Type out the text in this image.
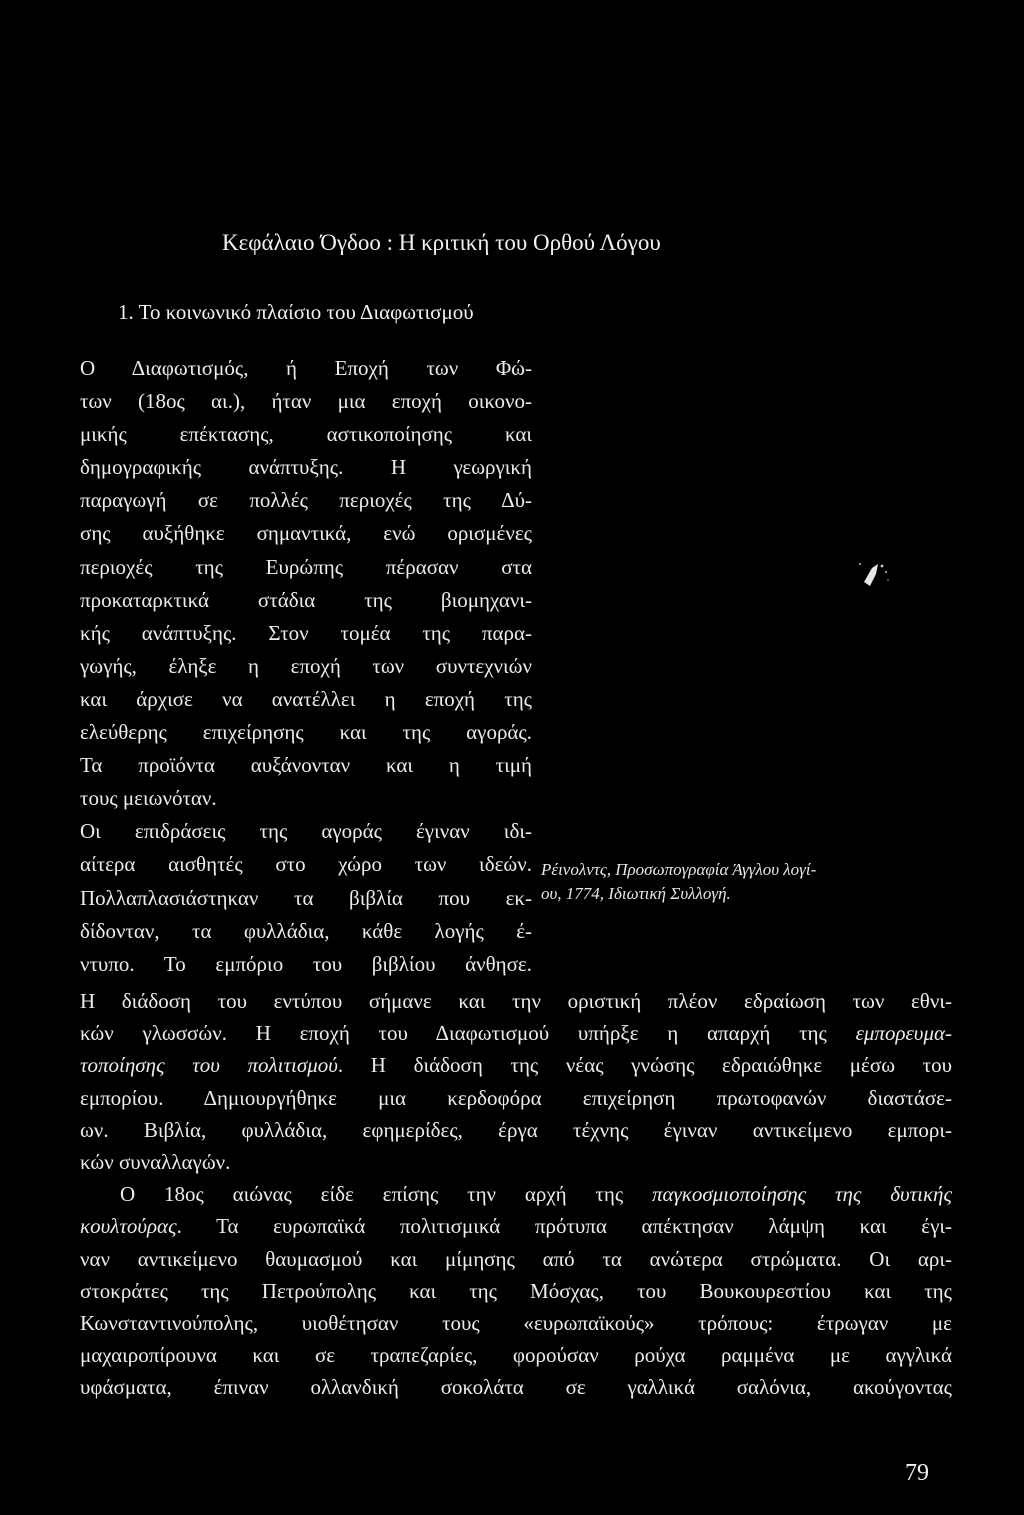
Κεφάλαιο Όγδοο : Η κριτική του Ορθού Λόγου
1. Το κοινωνικό πλαίσιο του Διαφωτισμού
Ο Διαφωτισμός, ή Εποχή των Φώ-
των (18ος αι.), ήταν μια εποχή οικονο-
μικής επέκτασης, αστικοποίησης και
δημογραφικής ανάπτυξης. Η γεωργική
παραγωγή σε πολλές περιοχές της Δύ-
σης αυξήθηκε σημαντικά, ενώ ορισμένες
περιοχές της Ευρώπης πέρασαν στα
προκαταρκτικά στάδια της βιομηχανι-
κής ανάπτυξης. Στον τομέα της παρα-
γωγής, έληξε η εποχή των συντεχνιών
και άρχισε να ανατέλλει η εποχή της
ελεύθερης επιχείρησης και της αγοράς.
Τα προϊόντα αυξάνονταν και η τιμή
τους μειωνόταν.
Οι επιδράσεις της αγοράς έγιναν ιδι-
αίτερα αισθητές στο χώρο των ιδεών.
Πολλαπλασιάστηκαν τα βιβλία που εκ-
δίδονταν, τα φυλλάδια, κάθε λογής έ-
ντυπο. Το εμπόριο του βιβλίου άνθησε.
Ρέινολντς, Προσωπογραφία Άγγλου λογί-
ου, 1774, Ιδιωτική Συλλογή.
Η διάδοση του εντύπου σήμανε και την οριστική πλέον εδραίωση των εθνι-
κών γλωσσών. Η εποχή του Διαφωτισμού υπήρξε η απαρχή της εμπορευμα-
τοποίησης του πολιτισμού. Η διάδοση της νέας γνώσης εδραιώθηκε μέσω του
εμπορίου. Δημιουργήθηκε μια κερδοφόρα επιχείρηση πρωτοφανών διαστάσε-
ων. Βιβλία, φυλλάδια, εφημερίδες, έργα τέχνης έγιναν αντικείμενο εμπορι-
κών συναλλαγών.
Ο 18ος αιώνας είδε επίσης την αρχή της παγκοσμιοποίησης της δυτικής
κουλτούρας. Τα ευρωπαϊκά πολιτισμικά πρότυπα απέκτησαν λάμψη και έγι-
ναν αντικείμενο θαυμασμού και μίμησης από τα ανώτερα στρώματα. Οι αρι-
στοκράτες της Πετρούπολης και της Μόσχας, του Βουκουρεστίου και της
Κωνσταντινούπολης, υιοθέτησαν τους «ευρωπαϊκούς» τρόπους: έτρωγαν με
μαχαιροπίρουνα και σε τραπεζαρίες, φορούσαν ρούχα ραμμένα με αγγλικά
υφάσματα, έπιναν ολλανδική σοκολάτα σε γαλλικά σαλόνια, ακούγοντας
79
